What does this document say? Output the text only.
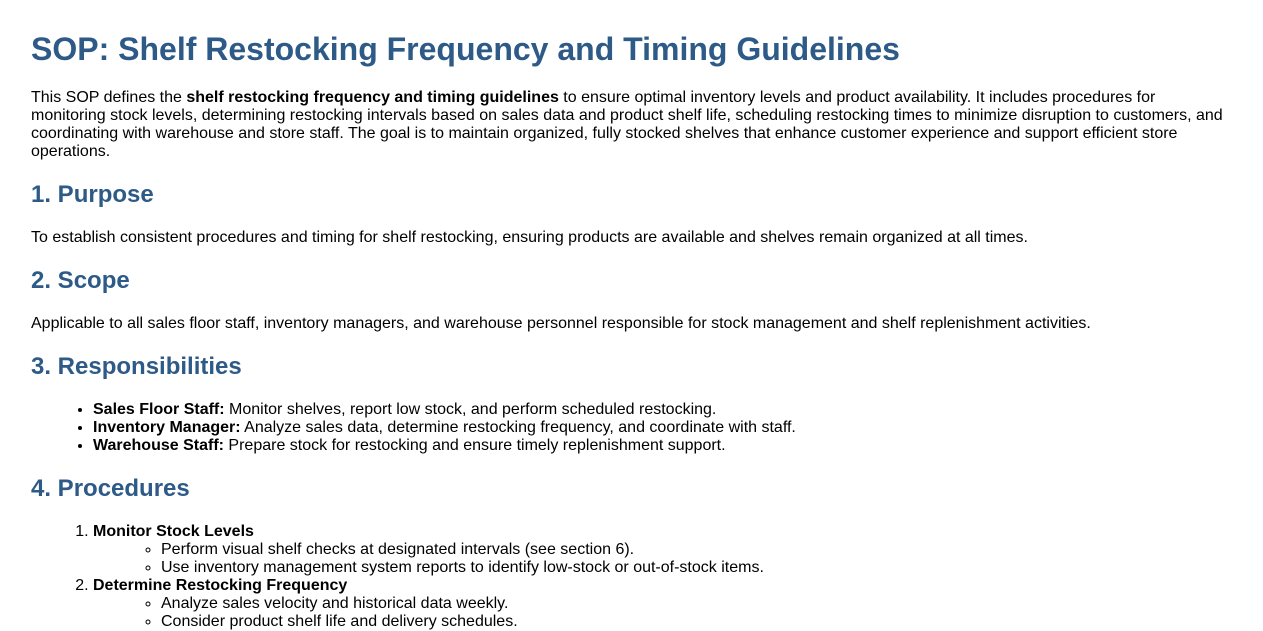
SOP: Shelf Restocking Frequency and Timing Guidelines

This SOP defines the shelf restocking frequency and timing guidelines to ensure optimal inventory levels and product availability. It includes procedures for monitoring stock levels, determining restocking intervals based on sales data and product shelf life, scheduling restocking times to minimize disruption to customers, and coordinating with warehouse and store staff. The goal is to maintain organized, fully stocked shelves that enhance customer experience and support efficient store operations.

1. Purpose

To establish consistent procedures and timing for shelf restocking, ensuring products are available and shelves remain organized at all times.

2. Scope

Applicable to all sales floor staff, inventory managers, and warehouse personnel responsible for stock management and shelf replenishment activities.

3. Responsibilities
• Sales Floor Staff: Monitor shelves, report low stock, and perform scheduled restocking.
• Inventory Manager: Analyze sales data, determine restocking frequency, and coordinate with staff.
• Warehouse Staff: Prepare stock for restocking and ensure timely replenishment support.
4. Procedures
1. Monitor Stock Levels
◦ Perform visual shelf checks at designated intervals (see section 6).
◦ Use inventory management system reports to identify low-stock or out-of-stock items.
2. Determine Restocking Frequency
◦ Analyze sales velocity and historical data weekly.
◦ Consider product shelf life and delivery schedules.
